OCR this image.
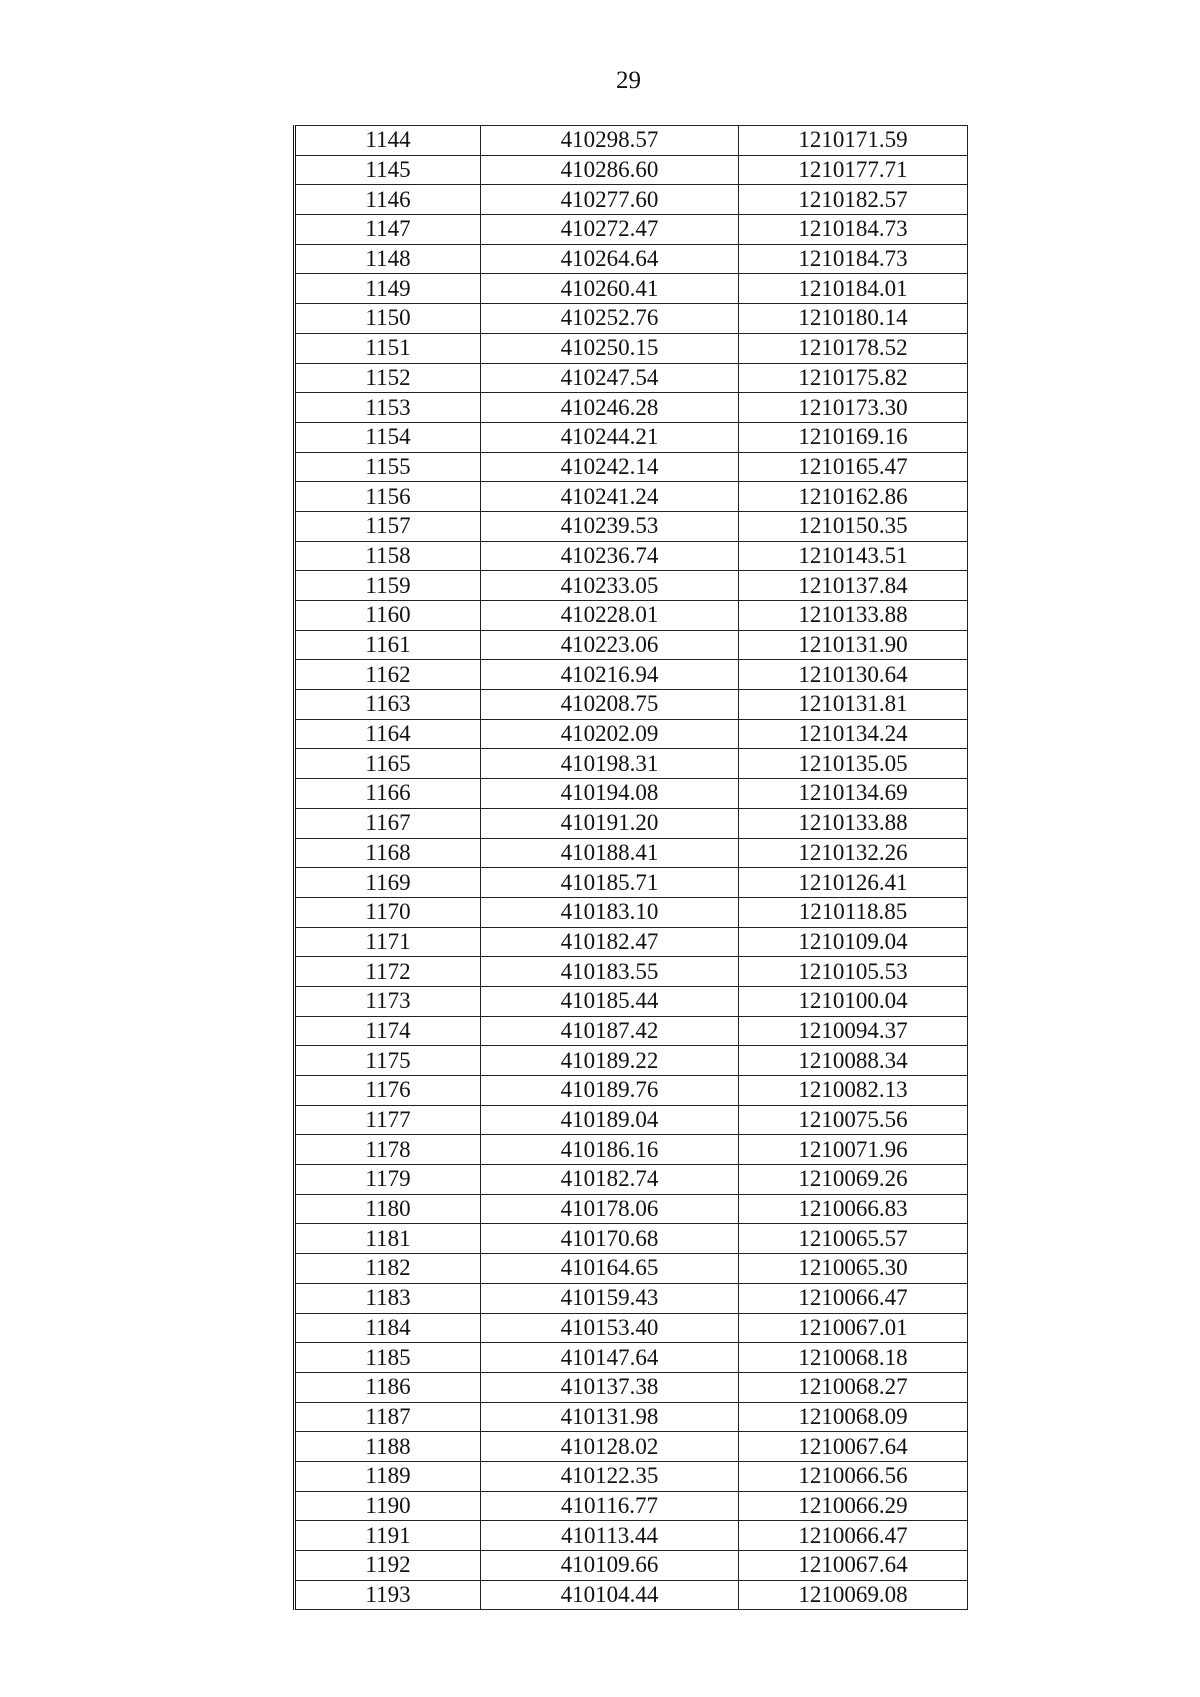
29
1144	410298.57	1210171.59
1145	410286.60	1210177.71
1146	410277.60	1210182.57
1147	410272.47	1210184.73
1148	410264.64	1210184.73
1149	410260.41	1210184.01
1150	410252.76	1210180.14
1151	410250.15	1210178.52
1152	410247.54	1210175.82
1153	410246.28	1210173.30
1154	410244.21	1210169.16
1155	410242.14	1210165.47
1156	410241.24	1210162.86
1157	410239.53	1210150.35
1158	410236.74	1210143.51
1159	410233.05	1210137.84
1160	410228.01	1210133.88
1161	410223.06	1210131.90
1162	410216.94	1210130.64
1163	410208.75	1210131.81
1164	410202.09	1210134.24
1165	410198.31	1210135.05
1166	410194.08	1210134.69
1167	410191.20	1210133.88
1168	410188.41	1210132.26
1169	410185.71	1210126.41
1170	410183.10	1210118.85
1171	410182.47	1210109.04
1172	410183.55	1210105.53
1173	410185.44	1210100.04
1174	410187.42	1210094.37
1175	410189.22	1210088.34
1176	410189.76	1210082.13
1177	410189.04	1210075.56
1178	410186.16	1210071.96
1179	410182.74	1210069.26
1180	410178.06	1210066.83
1181	410170.68	1210065.57
1182	410164.65	1210065.30
1183	410159.43	1210066.47
1184	410153.40	1210067.01
1185	410147.64	1210068.18
1186	410137.38	1210068.27
1187	410131.98	1210068.09
1188	410128.02	1210067.64
1189	410122.35	1210066.56
1190	410116.77	1210066.29
1191	410113.44	1210066.47
1192	410109.66	1210067.64
1193	410104.44	1210069.08
